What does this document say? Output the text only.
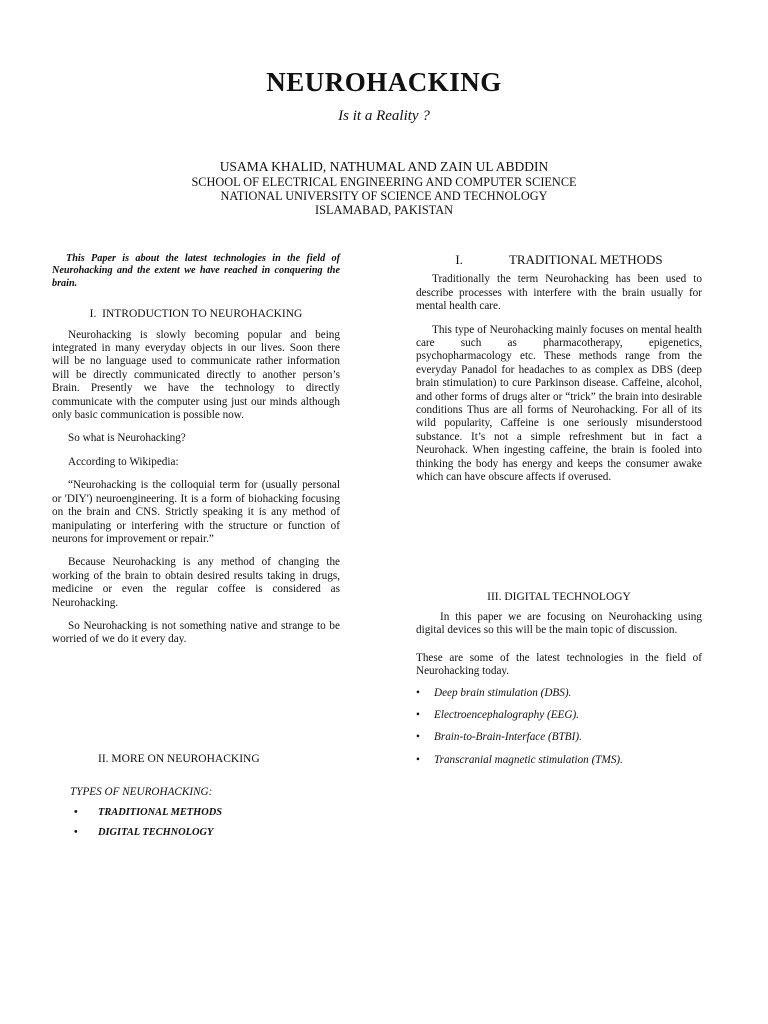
NEUROHACKING
Is it a Reality ?
USAMA KHALID, NATHUMAL AND ZAIN UL ABDDIN
SCHOOL OF ELECTRICAL ENGINEERING AND COMPUTER SCIENCE
NATIONAL UNIVERSITY OF SCIENCE AND TECHNOLOGY
ISLAMABAD, PAKISTAN

This Paper is about the latest technologies in the field of Neurohacking and the extent we have reached in conquering the brain.

I. INTRODUCTION TO NEUROHACKING

Neurohacking is slowly becoming popular and being integrated in many everyday objects in our lives. Soon there will be no language used to communicate rather information will be directly communicated directly to another person’s Brain. Presently we have the technology to directly communicate with the computer using just our minds although only basic communication is possible now.

So what is Neurohacking?

According to Wikipedia:

“Neurohacking is the colloquial term for (usually personal or 'DIY') neuroengineering. It is a form of biohacking focusing on the brain and CNS. Strictly speaking it is any method of manipulating or interfering with the structure or function of neurons for improvement or repair.”

Because Neurohacking is any method of changing the working of the brain to obtain desired results taking in drugs, medicine or even the regular coffee is considered as Neurohacking.

So Neurohacking is not something native and strange to be worried of we do it every day.

II. MORE ON NEUROHACKING
TYPES OF NEUROHACKING:
•	TRADITIONAL METHODS
•	DIGITAL TECHNOLOGY
I.	TRADITIONAL METHODS

Traditionally the term Neurohacking has been used to describe processes with interfere with the brain usually for mental health care.

This type of Neurohacking mainly focuses on mental health care such as pharmacotherapy, epigenetics, psychopharmacology etc. These methods range from the everyday Panadol for headaches to as complex as DBS (deep brain stimulation) to cure Parkinson disease. Caffeine, alcohol, and other forms of drugs alter or “trick” the brain into desirable conditions Thus are all forms of Neurohacking. For all of its wild popularity, Caffeine is one seriously misunderstood substance. It’s not a simple refreshment but in fact a Neurohack. When ingesting caffeine, the brain is fooled into thinking the body has energy and keeps the consumer awake which can have obscure affects if overused.

III. DIGITAL TECHNOLOGY

In this paper we are focusing on Neurohacking using digital devices so this will be the main topic of discussion.

These are some of the latest technologies in the field of Neurohacking today.

•	Deep brain stimulation (DBS).
•	Electroencephalography (EEG).
•	Brain-to-Brain-Interface (BTBI).
•	Transcranial magnetic stimulation (TMS).
